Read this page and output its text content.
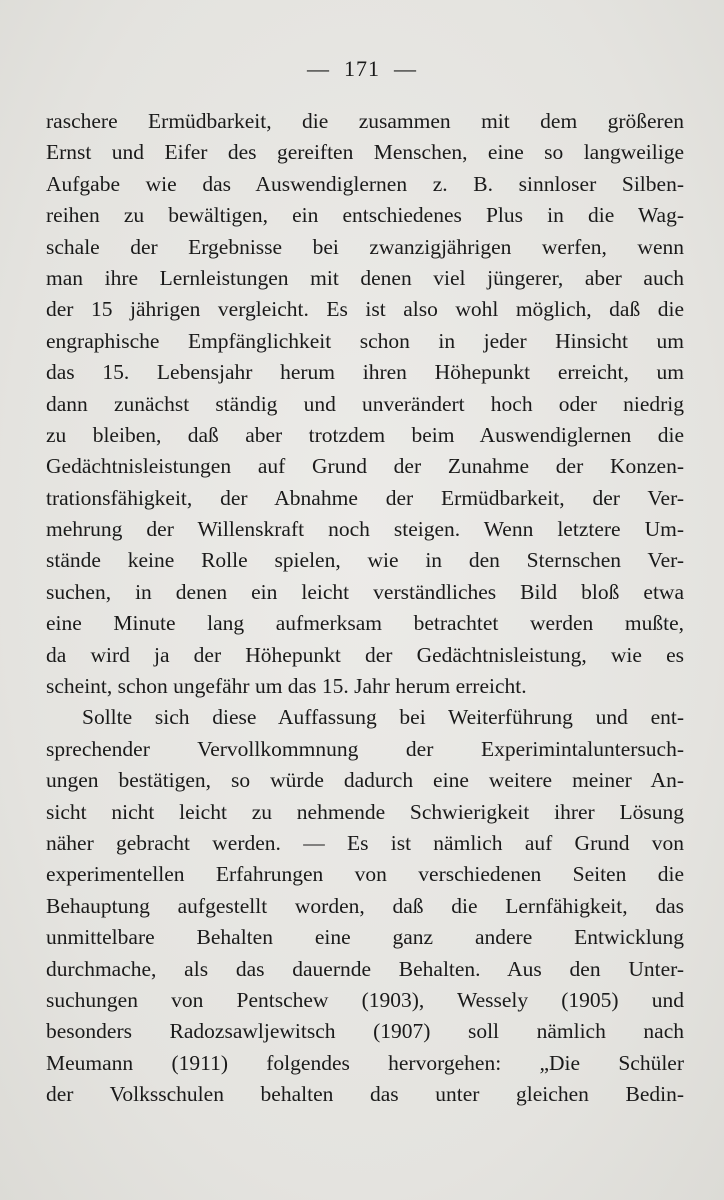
— 171 —
raschere Ermüdbarkeit, die zusammen mit dem größeren
Ernst und Eifer des gereiften Menschen, eine so langweilige
Aufgabe wie das Auswendiglernen z. B. sinnloser Silben-
reihen zu bewältigen, ein entschiedenes Plus in die Wag-
schale der Ergebnisse bei zwanzigjährigen werfen, wenn
man ihre Lernleistungen mit denen viel jüngerer, aber auch
der 15 jährigen vergleicht. Es ist also wohl möglich, daß die
engraphische Empfänglichkeit schon in jeder Hinsicht um
das 15. Lebensjahr herum ihren Höhepunkt erreicht, um
dann zunächst ständig und unverändert hoch oder niedrig
zu bleiben, daß aber trotzdem beim Auswendiglernen die
Gedächtnisleistungen auf Grund der Zunahme der Konzen-
trationsfähigkeit, der Abnahme der Ermüdbarkeit, der Ver-
mehrung der Willenskraft noch steigen. Wenn letztere Um-
stände keine Rolle spielen, wie in den Sternschen Ver-
suchen, in denen ein leicht verständliches Bild bloß etwa
eine Minute lang aufmerksam betrachtet werden mußte,
da wird ja der Höhepunkt der Gedächtnisleistung, wie es
scheint, schon ungefähr um das 15. Jahr herum erreicht.
Sollte sich diese Auffassung bei Weiterführung und ent-
sprechender Vervollkommnung der Experimintaluntersuch-
ungen bestätigen, so würde dadurch eine weitere meiner An-
sicht nicht leicht zu nehmende Schwierigkeit ihrer Lösung
näher gebracht werden. — Es ist nämlich auf Grund von
experimentellen Erfahrungen von verschiedenen Seiten die
Behauptung aufgestellt worden, daß die Lernfähigkeit, das
unmittelbare Behalten eine ganz andere Entwicklung
durchmache, als das dauernde Behalten. Aus den Unter-
suchungen von Pentschew (1903), Wessely (1905) und
besonders Radozsawljewitsch (1907) soll nämlich nach
Meumann (1911) folgendes hervorgehen: „Die Schüler
der Volksschulen behalten das unter gleichen Bedin-
